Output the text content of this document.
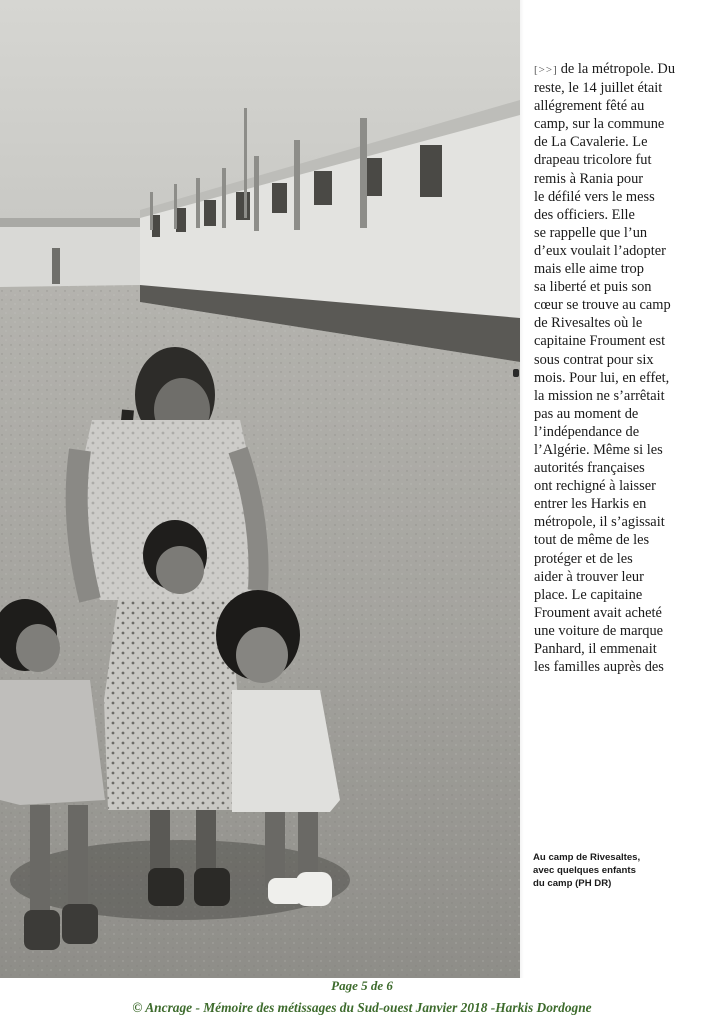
[>>] de la métropole. Du
reste, le 14 juillet était
allégrement fêté au
camp, sur la commune
de La Cavalerie. Le
drapeau tricolore fut
remis à Rania pour
le défilé vers le mess
des officiers. Elle
se rappelle que l’un
d’eux voulait l’adopter
mais elle aime trop
sa liberté et puis son
cœur se trouve au camp
de Rivesaltes où le
capitaine Froument est
sous contrat pour six
mois. Pour lui, en effet,
la mission ne s’arrêtait
pas au moment de
l’indépendance de
l’Algérie. Même si les
autorités françaises
ont rechigné à laisser
entrer les Harkis en
métropole, il s’agissait
tout de même de les
protéger et de les
aider à trouver leur
place. Le capitaine
Froument avait acheté
une voiture de marque
Panhard, il emmenait
les familles auprès des
Au camp de Rivesaltes,
avec quelques enfants
du camp (PH DR)
Page 5 de 6
© Ancrage - Mémoire des métissages du Sud-ouest Janvier 2018 -Harkis Dordogne
